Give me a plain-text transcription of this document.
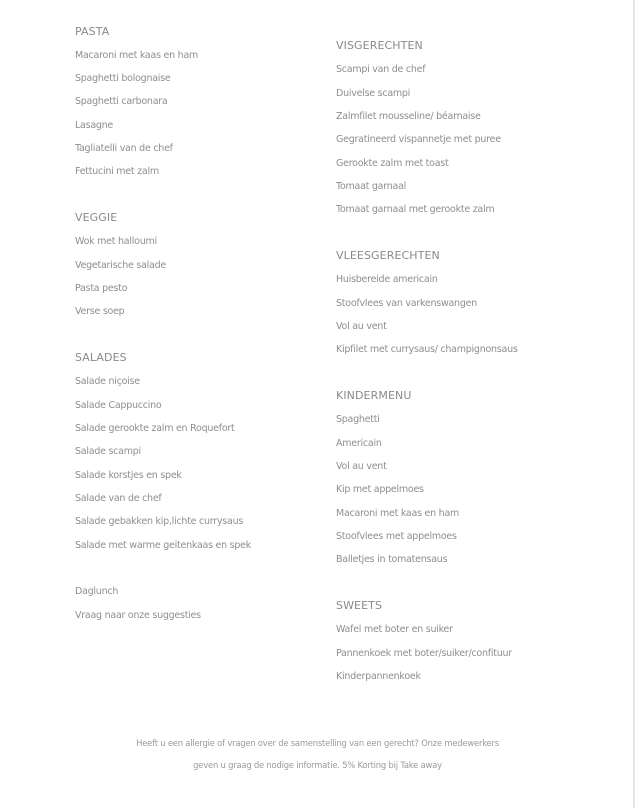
PASTA
Macaroni met kaas en ham
Spaghetti bolognaise
Spaghetti carbonara
Lasagne
Tagliatelli van de chef
Fettucini met zalm
VEGGIE
Wok met halloumi
Vegetarische salade
Pasta pesto
Verse soep
SALADES
Salade niçoise
Salade Cappuccino
Salade gerookte zalm en Roquefort
Salade scampi
Salade korstjes en spek
Salade van de chef
Salade gebakken kip,lichte currysaus
Salade met warme geitenkaas en spek
Daglunch
Vraag naar onze suggesties
VISGERECHTEN
Scampi van de chef
Duivelse scampi
Zalmfilet mousseline/ béarnaise
Gegratineerd vispannetje met puree
Gerookte zalm met toast
Tomaat garnaal
Tomaat garnaal met gerookte zalm
VLEESGERECHTEN
Huisbereide americain
Stoofvlees van varkenswangen
Vol au vent
Kipfilet met currysaus/ champignonsaus
KINDERMENU
Spaghetti
Americain
Vol au vent
Kip met appelmoes
Macaroni met kaas en ham
Stoofvlees met appelmoes
Balletjes in tomatensaus
SWEETS
Wafel met boter en suiker
Pannenkoek met boter/suiker/confituur
Kinderpannenkoek
Heeft u een allergie of vragen over de samenstelling van een gerecht? Onze medewerkers
geven u graag de nodige informatie. 5% Korting bij Take away
